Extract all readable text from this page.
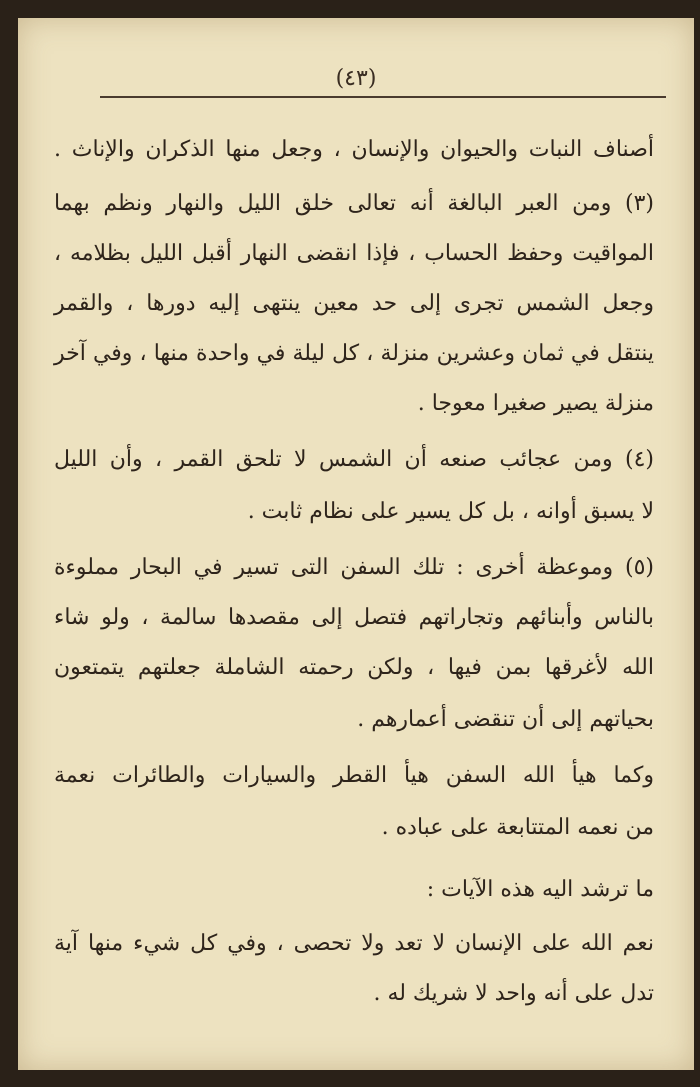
(٤٣)
أصناف النبات والحيوان والإنسان ، وجعل منها الذكران والإناث .
(٣) ومن العبر البالغة أنه تعالى خلق الليل والنهار ونظم بهما
المواقيت وحفظ الحساب ، فإذا انقضى النهار أقبل الليل بظلامه ،
وجعل الشمس تجرى إلى حد معين ينتهى إليه دورها ، والقمر
ينتقل في ثمان وعشرين منزلة ، كل ليلة في واحدة منها ، وفي آخر
منزلة يصير صغيرا معوجا .
(٤) ومن عجائب صنعه أن الشمس لا تلحق القمر ، وأن الليل
لا يسبق أوانه ، بل كل يسير على نظام ثابت .
(٥) وموعظة أخرى : تلك السفن التى تسير في البحار مملوءة
بالناس وأبنائهم وتجاراتهم فتصل إلى مقصدها سالمة ، ولو شاء
الله لأغرقها بمن فيها ، ولكن رحمته الشاملة جعلتهم يتمتعون
بحياتهم إلى أن تنقضى أعمارهم .
وكما هيأ الله السفن هيأ القطر والسيارات والطائرات نعمة
من نعمه المتتابعة على عباده .
ما ترشد اليه هذه الآيات :
نعم الله على الإنسان لا تعد ولا تحصى ، وفي كل شيء منها آية
تدل على أنه واحد لا شريك له .
